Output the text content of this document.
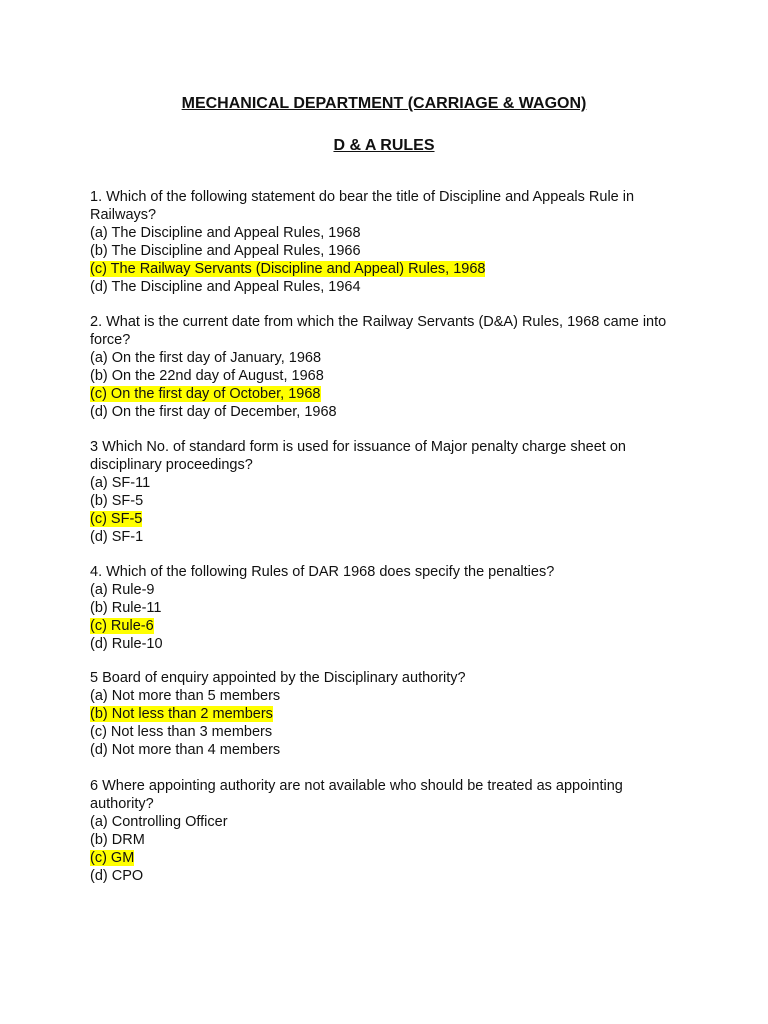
MECHANICAL DEPARTMENT (CARRIAGE & WAGON)
D & A RULES
1. Which of the following statement do bear the title of Discipline and Appeals Rule in Railways?
(a) The Discipline and Appeal Rules, 1968
(b) The Discipline and Appeal Rules, 1966
(c) The Railway Servants (Discipline and Appeal) Rules, 1968
(d) The Discipline and Appeal Rules, 1964
2. What is the current date from which the Railway Servants (D&A) Rules, 1968 came into force?
(a) On the first day of January, 1968
(b) On the 22nd day of August, 1968
(c) On the first day of October, 1968
(d) On the first day of December, 1968
3 Which No. of standard form is used for issuance of Major penalty charge sheet on disciplinary proceedings?
(a) SF-11
(b) SF-5
(c) SF-5
(d) SF-1
4. Which of the following Rules of DAR 1968 does specify the penalties?
(a) Rule-9
(b) Rule-11
(c) Rule-6
(d) Rule-10
5 Board of enquiry appointed by the Disciplinary authority?
(a) Not more than 5 members
(b) Not less than 2 members
(c) Not less than 3 members
(d) Not more than 4 members
6 Where appointing authority are not available who should be treated as appointing authority?
(a) Controlling Officer
(b) DRM
(c) GM
(d) CPO
